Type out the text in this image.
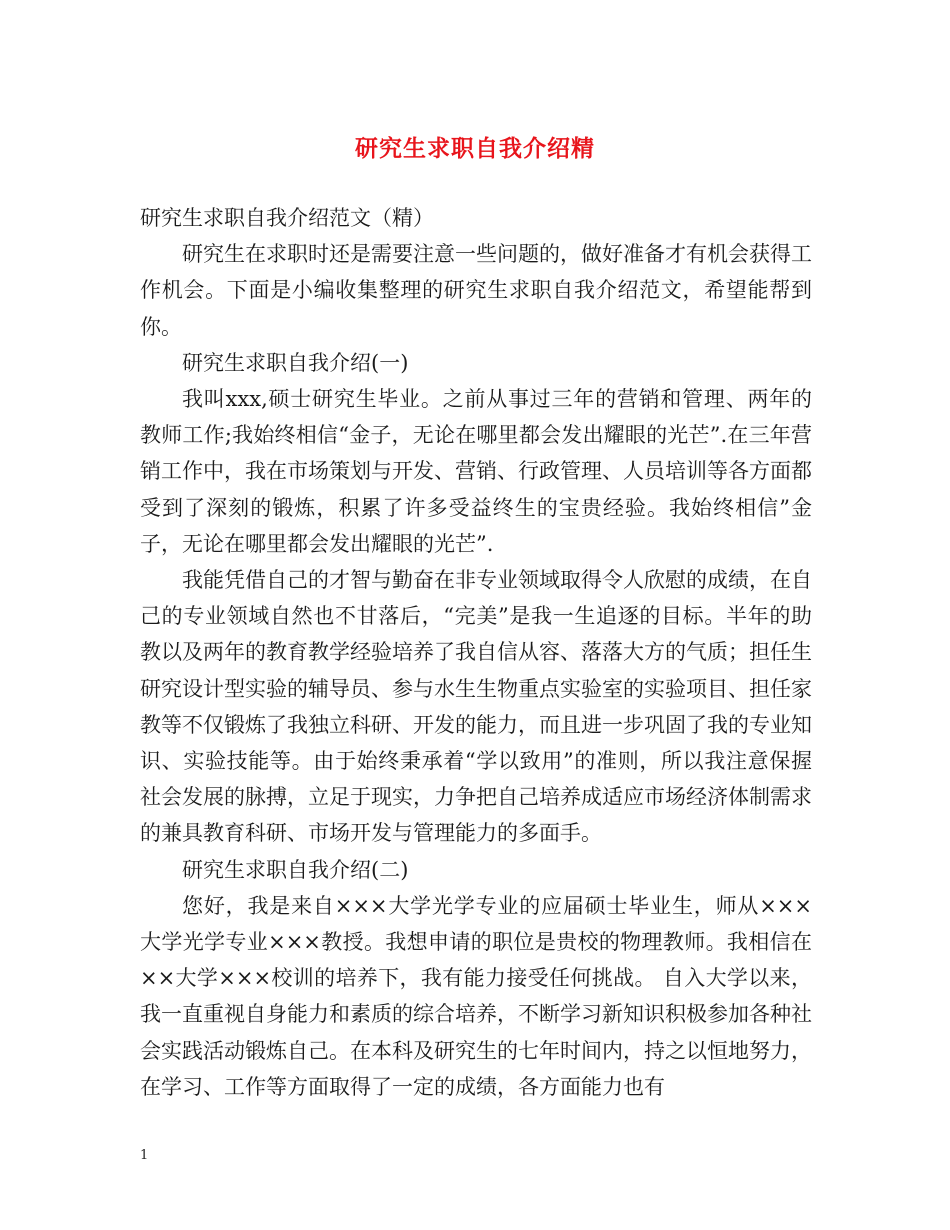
研究生求职自我介绍精

研究生求职自我介绍范文（精）

研究生在求职时还是需要注意一些问题的，做好准备才有机会获得工作机会。下面是小编收集整理的研究生求职自我介绍范文，希望能帮到你。

研究生求职自我介绍(一)

我叫xxx,硕士研究生毕业。之前从事过三年的营销和管理、两年的教师工作;我始终相信“金子，无论在哪里都会发出耀眼的光芒”.在三年营销工作中，我在市场策划与开发、营销、行政管理、人员培训等各方面都受到了深刻的锻炼，积累了许多受益终生的宝贵经验。我始终相信”金子，无论在哪里都会发出耀眼的光芒”.

我能凭借自己的才智与勤奋在非专业领域取得令人欣慰的成绩，在自己的专业领域自然也不甘落后，“完美”是我一生追逐的目标。半年的助教以及两年的教育教学经验培养了我自信从容、落落大方的气质；担任生研究设计型实验的辅导员、参与水生生物重点实验室的实验项目、担任家教等不仅锻炼了我独立科研、开发的能力，而且进一步巩固了我的专业知识、实验技能等。由于始终秉承着“学以致用”的准则，所以我注意保握社会发展的脉搏，立足于现实，力争把自己培养成适应市场经济体制需求的兼具教育科研、市场开发与管理能力的多面手。

研究生求职自我介绍(二)

您好，我是来自×××大学光学专业的应届硕士毕业生，师从×××大学光学专业×××教授。我想申请的职位是贵校的物理教师。我相信在××大学×××校训的培养下，我有能力接受任何挑战。 自入大学以来，我一直重视自身能力和素质的综合培养，不断学习新知识积极参加各种社会实践活动锻炼自己。在本科及研究生的七年时间内，持之以恒地努力，在学习、工作等方面取得了一定的成绩，各方面能力也有

1
